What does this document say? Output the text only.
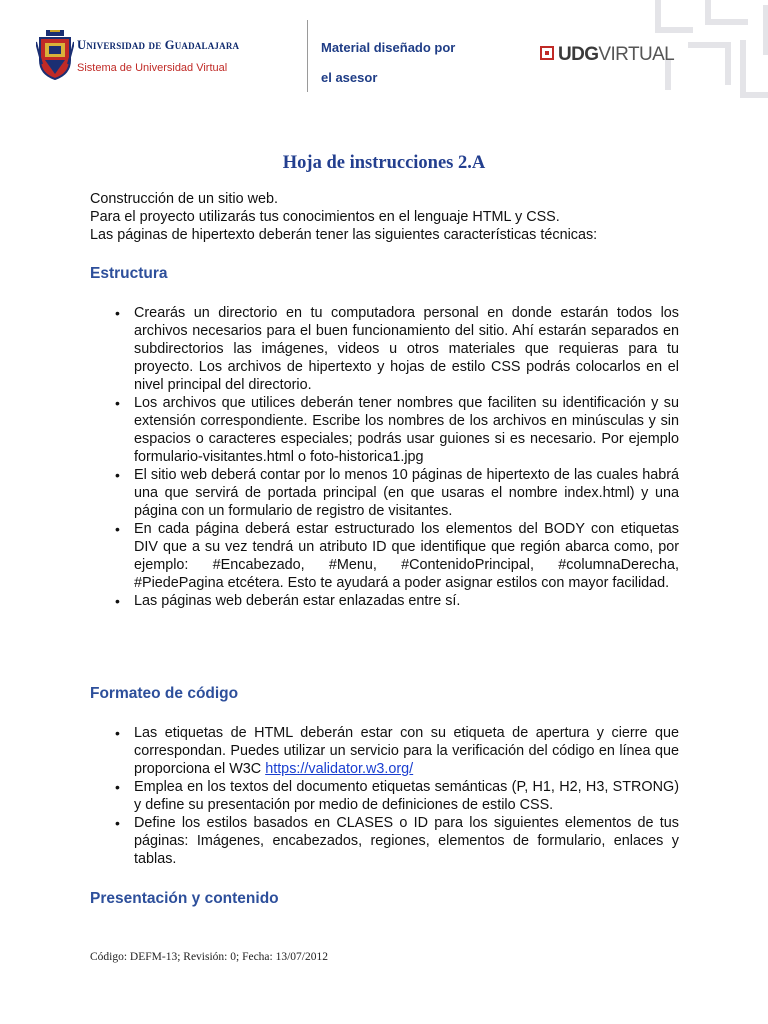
Universidad de Guadalajara
Sistema de Universidad Virtual
Material diseñado por
el asesor
UDGVIRTUAL
Hoja de instrucciones 2.A
Construcción de un sitio web.
Para el proyecto utilizarás tus conocimientos en el lenguaje HTML y CSS.
Las páginas de hipertexto deberán tener las siguientes características técnicas:
Estructura
• Crearás un directorio en tu computadora personal en donde estarán todos los archivos necesarios para el buen funcionamiento del sitio. Ahí estarán separados en subdirectorios las imágenes, videos u otros materiales que requieras para tu proyecto. Los archivos de hipertexto y hojas de estilo CSS podrás colocarlos en el nivel principal del directorio.
• Los archivos que utilices deberán tener nombres que faciliten su identificación y su extensión correspondiente. Escribe los nombres de los archivos en minúsculas y sin espacios o caracteres especiales; podrás usar guiones si es necesario. Por ejemplo formulario-visitantes.html o foto-historica1.jpg
• El sitio web deberá contar por lo menos 10 páginas de hipertexto de las cuales habrá una que servirá de portada principal (en que usaras el nombre index.html) y una página con un formulario de registro de visitantes.
• En cada página deberá estar estructurado los elementos del BODY con etiquetas DIV que a su vez tendrá un atributo ID que identifique que región abarca como, por ejemplo: #Encabezado, #Menu, #ContenidoPrincipal, #columnaDerecha, #PiedePagina etcétera. Esto te ayudará a poder asignar estilos con mayor facilidad.
• Las páginas web deberán estar enlazadas entre sí.
Formateo de código
• Las etiquetas de HTML deberán estar con su etiqueta de apertura y cierre que correspondan. Puedes utilizar un servicio para la verificación del código en línea que proporciona el W3C https://validator.w3.org/
• Emplea en los textos del documento etiquetas semánticas (P, H1, H2, H3, STRONG) y define su presentación por medio de definiciones de estilo CSS.
• Define los estilos basados en CLASES o ID para los siguientes elementos de tus páginas: Imágenes, encabezados, regiones, elementos de formulario, enlaces y tablas.
Presentación y contenido
Código: DEFM-13; Revisión: 0; Fecha: 13/07/2012
